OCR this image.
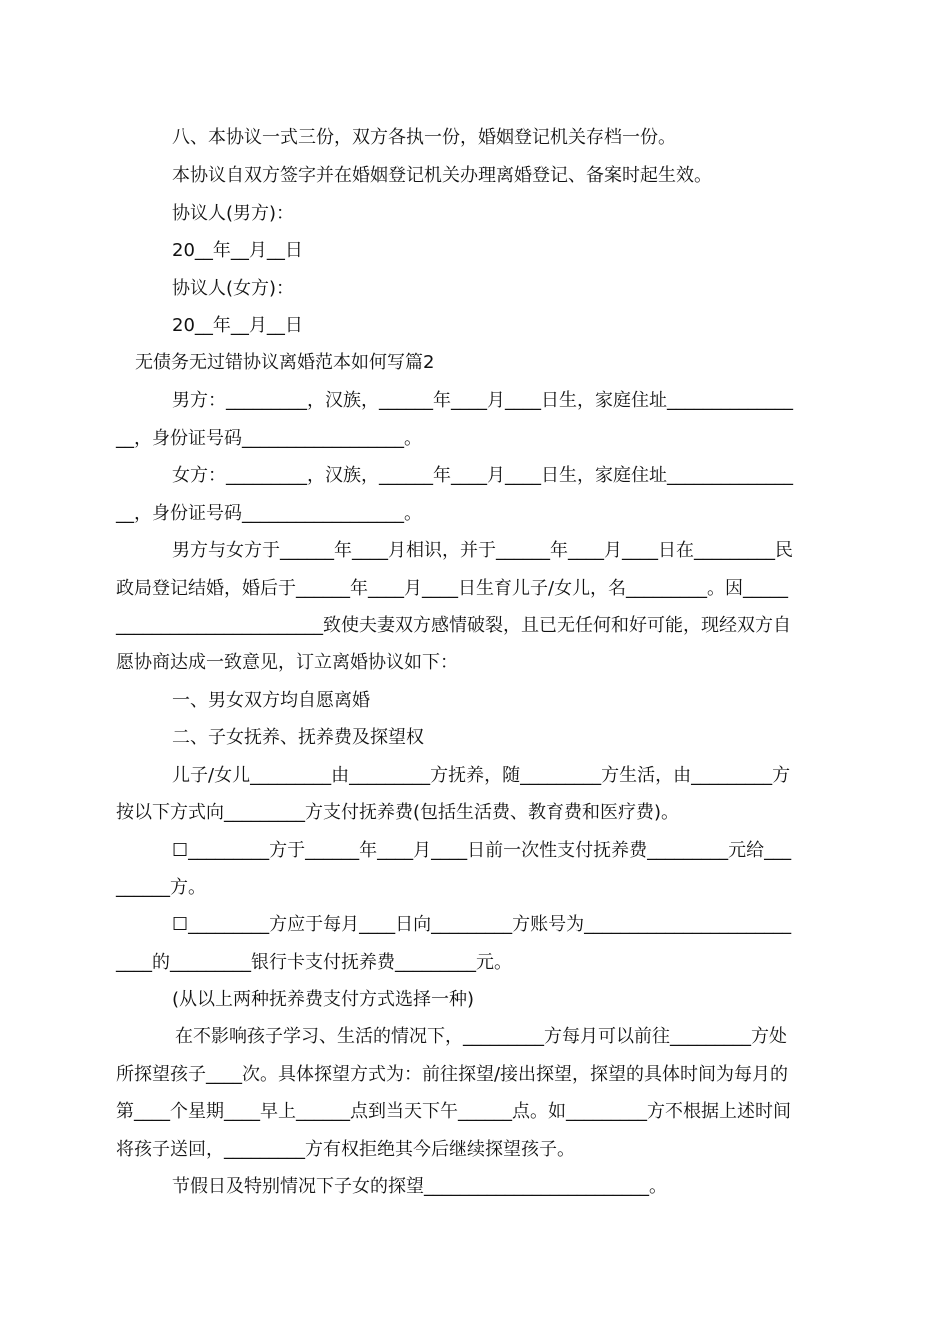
八、本协议一式三份，双方各执一份，婚姻登记机关存档一份。
本协议自双方签字并在婚姻登记机关办理离婚登记、备案时起生效。
协议人(男方)：
20__年__月__日
协议人(女方)：
20__年__月__日
无债务无过错协议离婚范本如何写篇2
男方：_________，汉族，______年____月____日生，家庭住址______________
__，身份证号码__________________。
女方：_________，汉族，______年____月____日生，家庭住址______________
__，身份证号码__________________。
男方与女方于______年____月相识，并于______年____月____日在_________民
政局登记结婚，婚后于______年____月____日生育儿子/女儿，名_________。因_____
_______________________致使夫妻双方感情破裂，且已无任何和好可能，现经双方自
愿协商达成一致意见，订立离婚协议如下：
一、男女双方均自愿离婚
二、子女抚养、抚养费及探望权
儿子/女儿_________由_________方抚养，随_________方生活，由_________方
按以下方式向_________方支付抚养费(包括生活费、教育费和医疗费)。
☐_________方于______年____月____日前一次性支付抚养费_________元给___
______方。
☐_________方应于每月____日向_________方账号为_______________________
____的_________银行卡支付抚养费_________元。
(从以上两种抚养费支付方式选择一种)
在不影响孩子学习、生活的情况下，_________方每月可以前往_________方处
所探望孩子____次。具体探望方式为：前往探望/接出探望，探望的具体时间为每月的
第____个星期____早上______点到当天下午______点。如_________方不根据上述时间
将孩子送回，_________方有权拒绝其今后继续探望孩子。
节假日及特别情况下子女的探望_________________________。
